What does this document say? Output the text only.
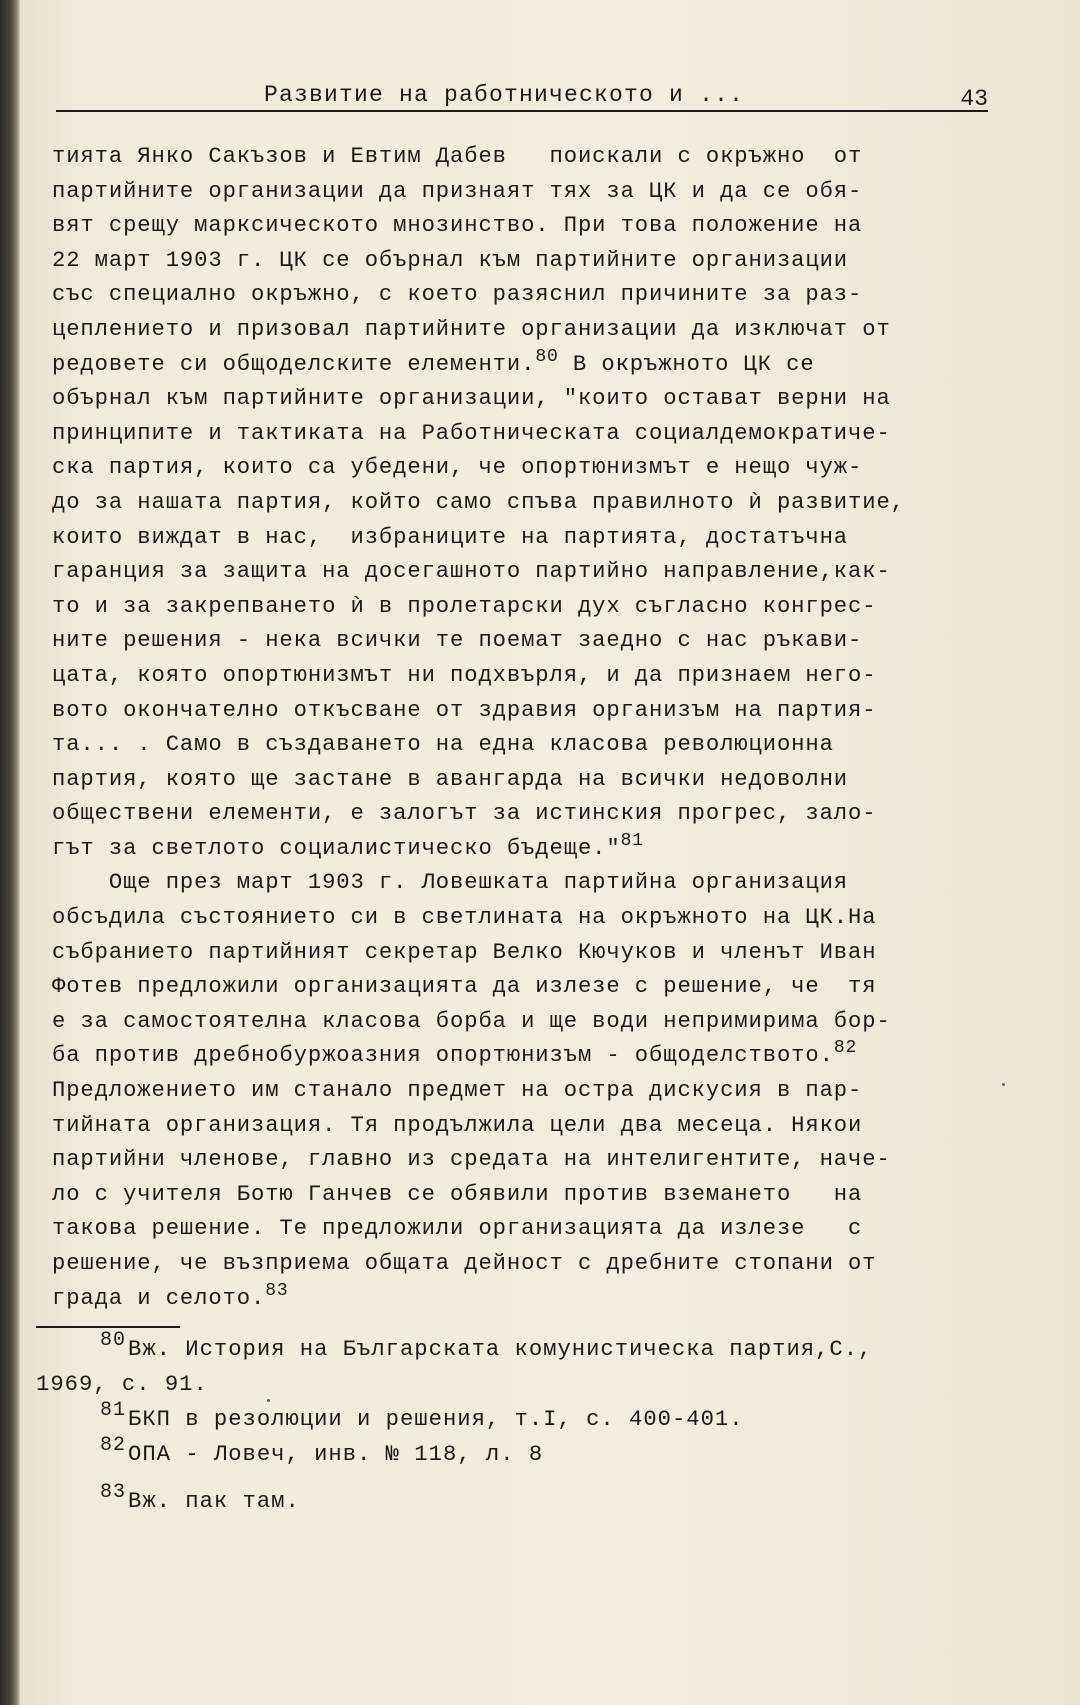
Развитие на работническото и ...	43
тията Янко Сакъзов и Евтим Дабев   поискали с окръжно  от
партийните организации да признаят тях за ЦК и да се обя-
вят срещу марксическото мнозинство. При това положение на
22 март 1903 г. ЦК се обърнал към партийните организации
със специално окръжно, с което разяснил причините за раз-
цеплението и призовал партийните организации да изключат от
редовете си общоделските елементи.$^{80}$ В окръжното ЦК се
обърнал към партийните организации, "които остават верни на
принципите и тактиката на Работническата социалдемократиче-
ска партия, които са убедени, че опортюнизмът е нещо чуж-
до за нашата партия, който само спъва правилното ѝ развитие,
които виждат в нас,  избраниците на партията, достатъчна
гаранция за защита на досегашното партийно направление,как-
то и за закрепването ѝ в пролетарски дух съгласно конгрес-
ните решения - нека всички те поемат заедно с нас ръкави-
цата, която опортюнизмът ни подхвърля, и да признаем него-
вото окончателно откъсване от здравия организъм на партия-
та... . Само в създаването на една класова революционна
партия, която ще застане в авангарда на всички недоволни
обществени елементи, е залогът за истинския прогрес, зало-
гът за светлото социалистическо бъдеще."$^{81}$
Още през март 1903 г. Ловешката партийна организация
обсъдила състоянието си в светлината на окръжното на ЦК.На
събранието партийният секретар Велко Кючуков и членът Иван
Фотев предложили организацията да излезе с решение, че  тя
е за самостоятелна класова борба и ще води непримирима бор-
ба против дребнобуржоазния опортюнизъм - общоделството.$^{82}$
Предложението им станало предмет на остра дискусия в пар-
тийната организация. Тя продължила цели два месеца. Някои
партийни членове, главно из средата на интелигентите, наче-
ло с учителя Ботю Ганчев се обявили против вземането   на
такова решение. Те предложили организацията да излезе   с
решение, че възприема общата дейност с дребните стопани от
града и селото.$^{83}$
80Вж. История на Българската комунистическа партия,С.,
1969, с. 91.
81БКП в резолюции и решения, т.I, с. 400-401.
82ОПА - Ловеч, инв. № 118, л. 8
83Вж. пак там.
